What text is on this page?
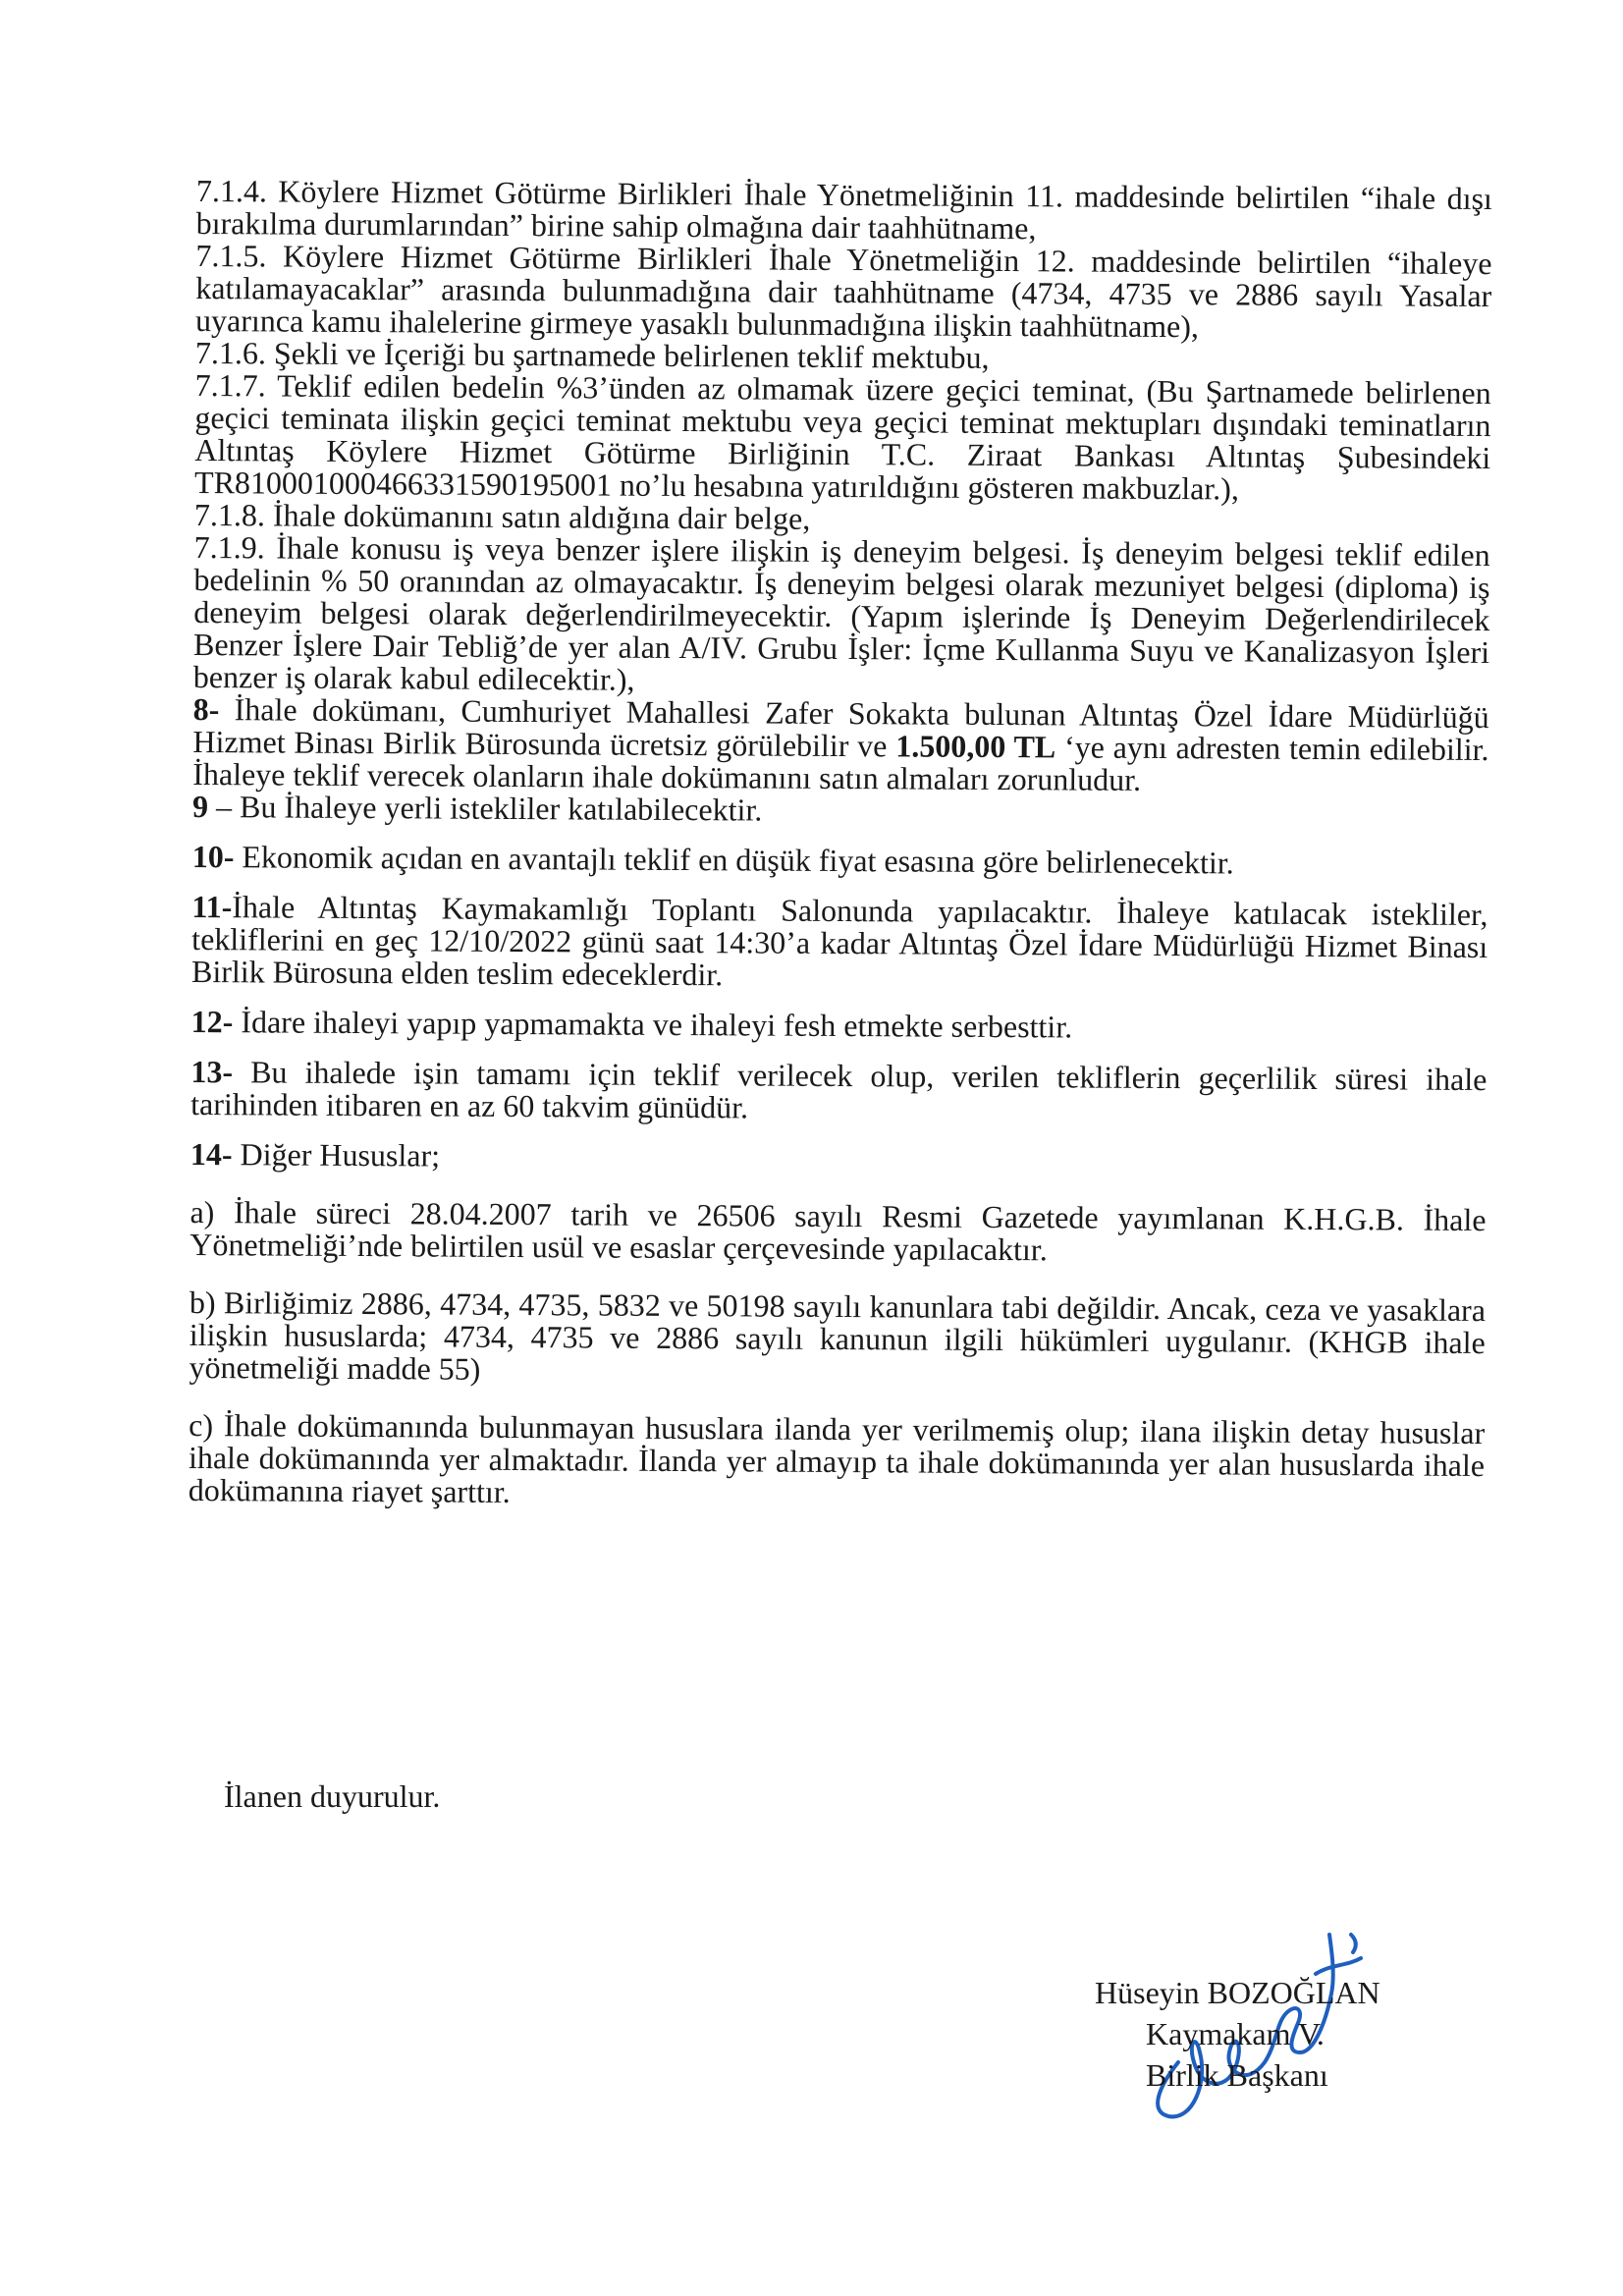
7.1.4. Köylere Hizmet Götürme Birlikleri İhale Yönetmeliğinin 11. maddesinde belirtilen “ihale dışı bırakılma durumlarından” birine sahip olmağına dair taahhütname,

7.1.5. Köylere Hizmet Götürme Birlikleri İhale Yönetmeliğin 12. maddesinde belirtilen “ihaleye katılamayacaklar” arasında bulunmadığına dair taahhütname (4734, 4735 ve 2886 sayılı Yasalar uyarınca kamu ihalelerine girmeye yasaklı bulunmadığına ilişkin taahhütname),

7.1.6. Şekli ve İçeriği bu şartnamede belirlenen teklif mektubu,

7.1.7. Teklif edilen bedelin %3’ünden az olmamak üzere geçici teminat, (Bu Şartnamede belirlenen geçici teminata ilişkin geçici teminat mektubu veya geçici teminat mektupları dışındaki teminatların Altıntaş Köylere Hizmet Götürme Birliğinin T.C. Ziraat Bankası Altıntaş Şubesindeki TR810001000466331590195001 no’lu hesabına yatırıldığını gösteren makbuzlar.),

7.1.8. İhale dokümanını satın aldığına dair belge,

7.1.9. İhale konusu iş veya benzer işlere ilişkin iş deneyim belgesi. İş deneyim belgesi teklif edilen bedelinin % 50 oranından az olmayacaktır. İş deneyim belgesi olarak mezuniyet belgesi (diploma) iş deneyim belgesi olarak değerlendirilmeyecektir. (Yapım işlerinde İş Deneyim Değerlendirilecek Benzer İşlere Dair Tebliğ’de yer alan A/IV. Grubu İşler: İçme Kullanma Suyu ve Kanalizasyon İşleri benzer iş olarak kabul edilecektir.),

8- İhale dokümanı, Cumhuriyet Mahallesi Zafer Sokakta bulunan Altıntaş Özel İdare Müdürlüğü Hizmet Binası Birlik Bürosunda ücretsiz görülebilir ve 1.500,00 TL ‘ye aynı adresten temin edilebilir. İhaleye teklif verecek olanların ihale dokümanını satın almaları zorunludur.

9 – Bu İhaleye yerli istekliler katılabilecektir.

10- Ekonomik açıdan en avantajlı teklif en düşük fiyat esasına göre belirlenecektir.

11-İhale Altıntaş Kaymakamlığı Toplantı Salonunda yapılacaktır. İhaleye katılacak istekliler, tekliflerini en geç 12/10/2022 günü saat 14:30’a kadar Altıntaş Özel İdare Müdürlüğü Hizmet Binası Birlik Bürosuna elden teslim edeceklerdir.

12- İdare ihaleyi yapıp yapmamakta ve ihaleyi fesh etmekte serbesttir.

13- Bu ihalede işin tamamı için teklif verilecek olup, verilen tekliflerin geçerlilik süresi ihale tarihinden itibaren en az 60 takvim günüdür.

14- Diğer Hususlar;

a) İhale süreci 28.04.2007 tarih ve 26506 sayılı Resmi Gazetede yayımlanan K.H.G.B. İhale Yönetmeliği’nde belirtilen usül ve esaslar çerçevesinde yapılacaktır.

b) Birliğimiz 2886, 4734, 4735, 5832 ve 50198 sayılı kanunlara tabi değildir. Ancak, ceza ve yasaklara ilişkin hususlarda; 4734, 4735 ve 2886 sayılı kanunun ilgili hükümleri uygulanır. (KHGB ihale yönetmeliği madde 55)

c) İhale dokümanında bulunmayan hususlara ilanda yer verilmemiş olup; ilana ilişkin detay hususlar ihale dokümanında yer almaktadır. İlanda yer almayıp ta ihale dokümanında yer alan hususlarda ihale dokümanına riayet şarttır.

İlanen duyurulur.
Hüseyin BOZOĞLAN
Kaymakam V.
Birlik Başkanı
